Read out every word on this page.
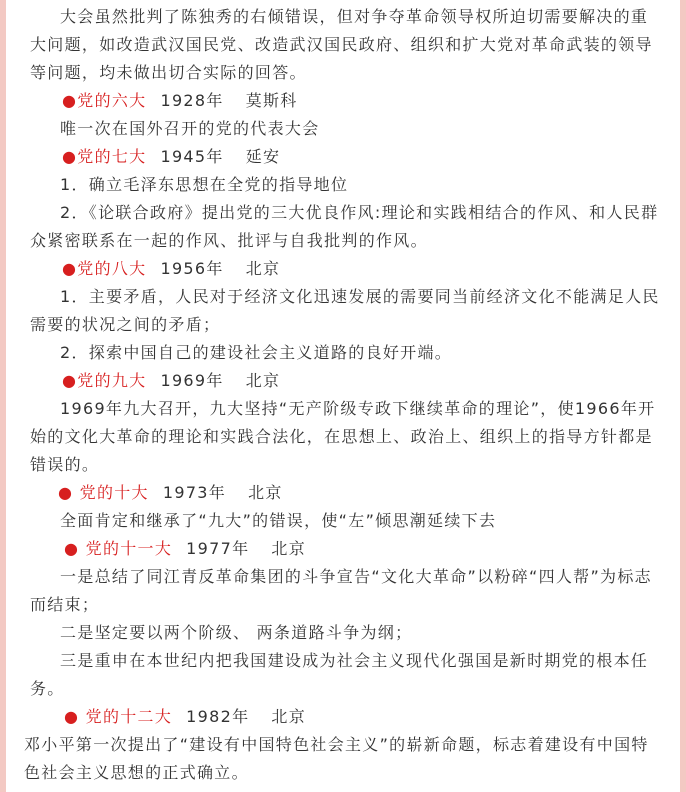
大会虽然批判了陈独秀的右倾错误，但对争夺革命领导权所迫切需要解决的重大问题，如改造武汉国民党、改造武汉国民政府、组织和扩大党对革命武装的领导等问题，均未做出切合实际的回答。

●党的六大 1928年 莫斯科

唯一次在国外召开的党的代表大会

●党的七大 1945年 延安

1．确立毛泽东思想在全党的指导地位

2．《论联合政府》提出党的三大优良作风:理论和实践相结合的作风、和人民群众紧密联系在一起的作风、批评与自我批判的作风。

●党的八大 1956年 北京

1．主要矛盾，人民对于经济文化迅速发展的需要同当前经济文化不能满足人民需要的状况之间的矛盾；

2．探索中国自己的建设社会主义道路的良好开端。

●党的九大 1969年 北京

1969年九大召开，九大坚持“无产阶级专政下继续革命的理论”，使1966年开始的文化大革命的理论和实践合法化，在思想上、政治上、组织上的指导方针都是错误的。

● 党的十大 1973年 北京

全面肯定和继承了“九大”的错误，使“左”倾思潮延续下去

● 党的十一大 1977年 北京

一是总结了同江青反革命集团的斗争宣告“文化大革命”以粉碎“四人帮”为标志而结束；

二是坚定要以两个阶级、 两条道路斗争为纲；

三是重申在本世纪内把我国建设成为社会主义现代化强国是新时期党的根本任务。

● 党的十二大 1982年 北京

邓小平第一次提出了“建设有中国特色社会主义”的崭新命题，标志着建设有中国特色社会主义思想的正式确立。
